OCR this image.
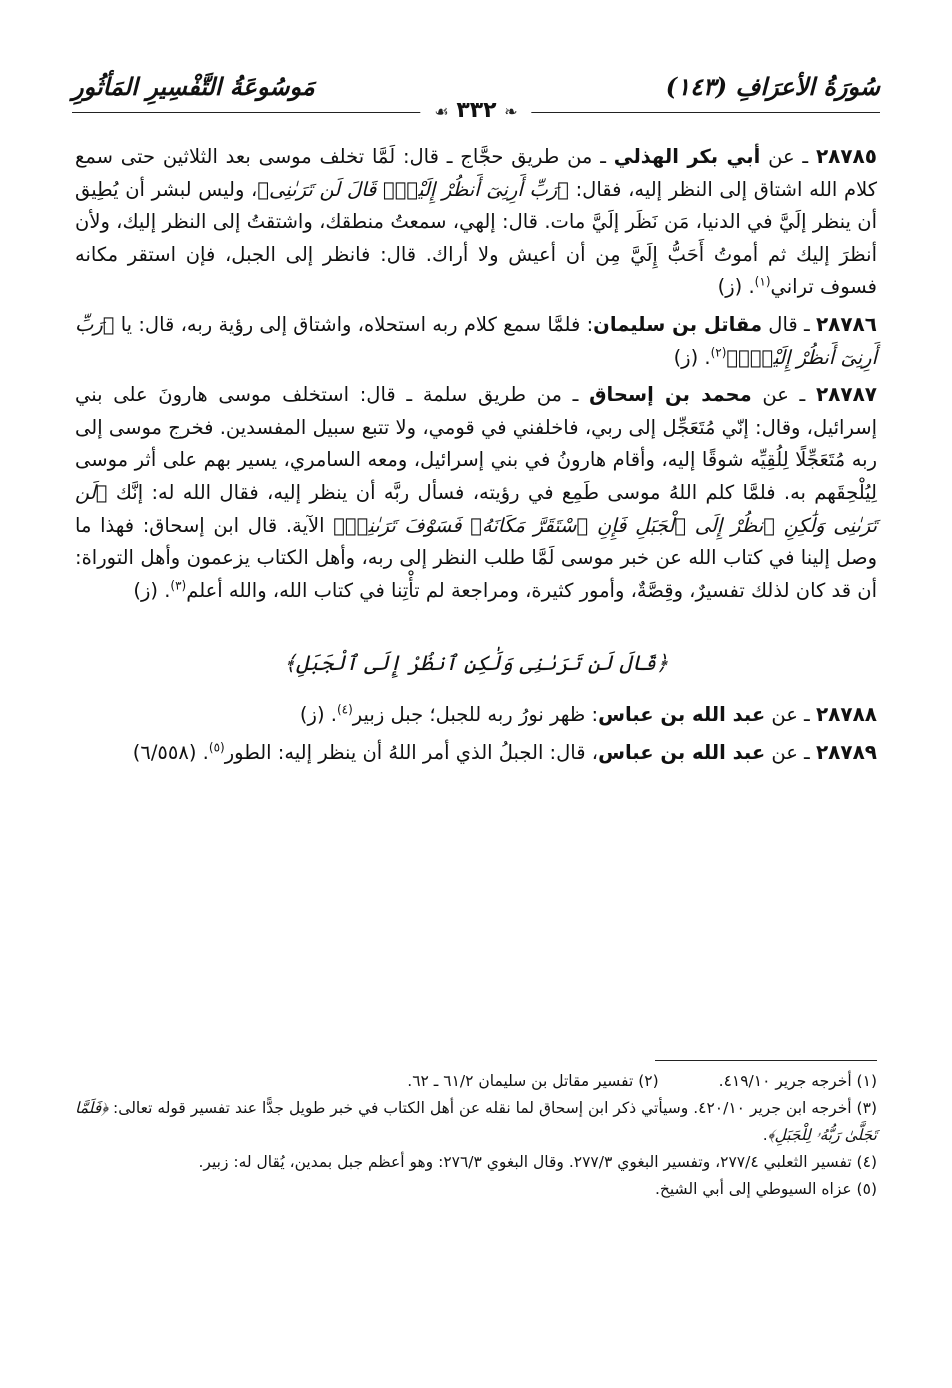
سُورَةُ الأعرَافِ (١٤٣)
مَوسُوعَةُ التَّفْسِيرِ المَأثُورِ
❧ ٣٣٢ ☙

٢٨٧٨٥ ـ عن أبي بكر الهذلي ـ من طريق حجَّاج ـ قال: لَمَّا تخلف موسى بعد الثلاثين حتى سمع كلام الله اشتاق إلى النظر إليه، فقال: ﴿رَبِّ أَرِنِىٓ أَنظُرْ إِلَيْكَۚ قَالَ لَن تَرَىٰنِى﴾، وليس لبشر أن يُطِيق أن ينظر إلَيَّ في الدنيا، مَن نَظَر إلَيَّ مات. قال: إلهي، سمعتُ منطقك، واشتقتُ إلى النظر إليك، ولأن أنظرَ إليك ثم أموتُ أَحَبُّ إِلَيَّ مِن أن أعيش ولا أراك. قال: فانظر إلى الجبل، فإن استقر مكانه فسوف تراني$^{(١)}$. (ز)

٢٨٧٨٦ ـ قال مقاتل بن سليمان: فلمَّا سمع كلام ربه استحلاه، واشتاق إلى رؤية ربه، قال: يا ﴿رَبِّ أَرِنِىٓ أَنظُرْ إِلَيْكَۚ﴾$^{(٢)}$. (ز)

٢٨٧٨٧ ـ عن محمد بن إسحاق ـ من طريق سلمة ـ قال: استخلف موسى هارونَ على بني إسرائيل، وقال: إنّي مُتَعَجِّل إلى ربي، فاخلفني في قومي، ولا تتبع سبيل المفسدين. فخرج موسى إلى ربه مُتَعَجِّلًا لِلُقِيِّه شوقًا إليه، وأقام هارونُ في بني إسرائيل، ومعه السامري، يسير بهم على أثر موسى لِيُلْحِقَهم به. فلمَّا كلم اللهُ موسى طَمِع في رؤيته، فسأل ربَّه أن ينظر إليه، فقال الله له: إنَّك ﴿لَن تَرَىٰنِى وَلَٰكِنِ ٱنظُرْ إِلَى ٱلْجَبَلِ فَإِنِ ٱسْتَقَرَّ مَكَانَهُۥ فَسَوْفَ تَرَىٰنِىۚ﴾ الآية. قال ابن إسحاق: فهذا ما وصل إلينا في كتاب الله عن خبر موسى لَمَّا طلب النظر إلى ربه، وأهل الكتاب يزعمون وأهل التوراة: أن قد كان لذلك تفسيرٌ، وقِصَّةٌ، وأمور كثيرة، ومراجعة لم تأْتِنا في كتاب الله، والله أعلم$^{(٣)}$. (ز)

﴿قَالَ لَن تَرَىٰنِى وَلَٰكِنِ ٱنظُرْ إِلَى ٱلْجَبَلِ﴾

٢٨٧٨٨ ـ عن عبد الله بن عباس: ظهر نورُ ربه للجبل؛ جبل زبير$^{(٤)}$. (ز)

٢٨٧٨٩ ـ عن عبد الله بن عباس، قال: الجبلُ الذي أمر اللهُ أن ينظر إليه: الطور$^{(٥)}$. (٦/٥٥٨)

(١) أخرجه جرير ٤١٩/١٠.

(٢) تفسير مقاتل بن سليمان ٦١/٢ ـ ٦٢.

(٣) أخرجه ابن جرير ٤٢٠/١٠. وسيأتي ذكر ابن إسحاق لما نقله عن أهل الكتاب في خبر طويل جدًّا عند تفسير قوله تعالى: ﴿فَلَمَّا تَجَلَّىٰ رَبُّهُۥ لِلْجَبَلِ﴾.

(٤) تفسير الثعلبي ٢٧٧/٤، وتفسير البغوي ٢٧٧/٣. وقال البغوي ٢٧٦/٣: وهو أعظم جبل بمدين، يُقال له: زبير.

(٥) عزاه السيوطي إلى أبي الشيخ.
